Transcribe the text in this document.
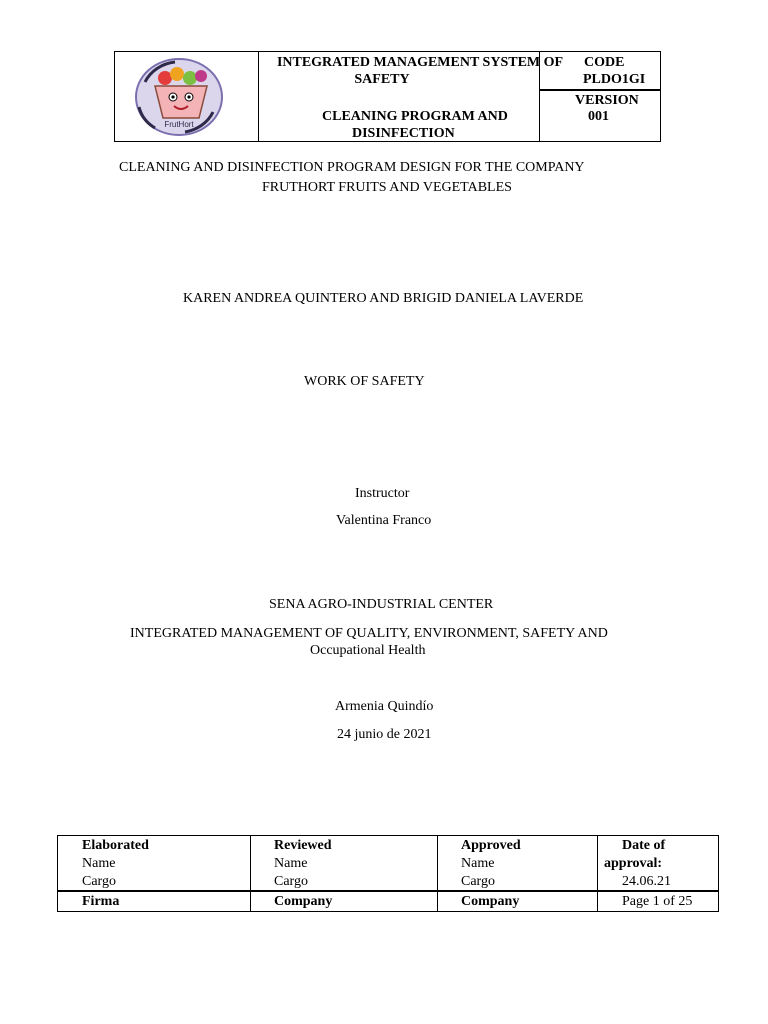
FrutHort
INTEGRATED MANAGEMENT SYSTEM OF
SAFETY
CLEANING PROGRAM AND
DISINFECTION
CODE
PLDO1GI
VERSION
001
CLEANING AND DISINFECTION PROGRAM DESIGN FOR THE COMPANY
FRUTHORT FRUITS AND VEGETABLES
KAREN ANDREA QUINTERO AND BRIGID DANIELA LAVERDE
WORK OF SAFETY
Instructor
Valentina Franco
SENA AGRO-INDUSTRIAL CENTER
INTEGRATED MANAGEMENT OF QUALITY, ENVIRONMENT, SAFETY AND
Occupational Health
Armenia Quindío
24 junio de 2021
Elaborated
Name
Cargo
Firma
Reviewed
Name
Cargo
Company
Approved
Name
Cargo
Company
Date of
approval:
24.06.21
Page 1 of 25
